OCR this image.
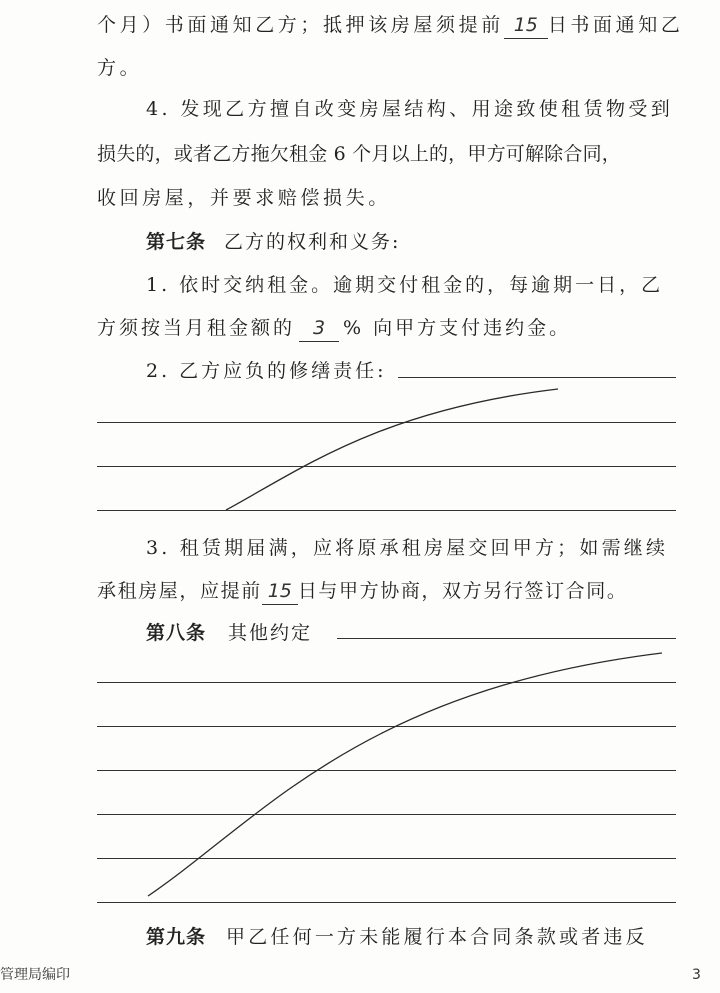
个月）书面通知乙方；抵押该房屋须提前 15 日书面通知乙
方。
4. 发现乙方擅自改变房屋结构、用途致使租赁物受到
损失的，或者乙方拖欠租金 6 个月以上的，甲方可解除合同，
收回房屋，并要求赔偿损失。
第七条 乙方的权利和义务:
1. 依时交纳租金。逾期交付租金的，每逾期一日，乙
方须按当月租金额的 3 % 向甲方支付违约金。
2. 乙方应负的修缮责任:
3. 租赁期届满，应将原承租房屋交回甲方；如需继续
承租房屋，应提前 15 日与甲方协商，双方另行签订合同。
第八条 其他约定
第九条 甲乙任何一方未能履行本合同条款或者违反
管理局编印	3
